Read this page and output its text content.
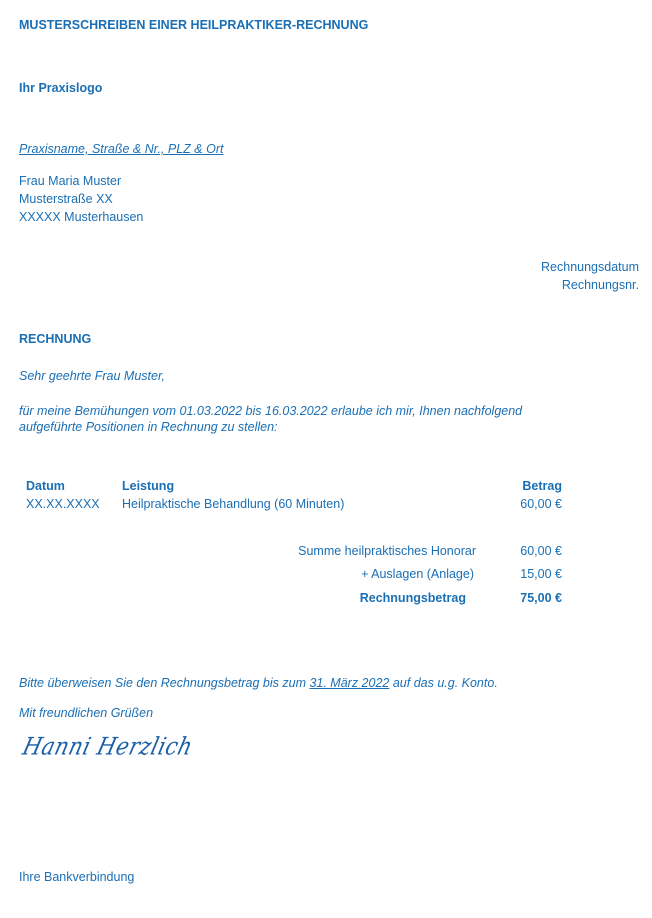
MUSTERSCHREIBEN EINER HEILPRAKTIKER-RECHNUNG
Ihr Praxislogo
Praxisname, Straße & Nr., PLZ & Ort
Frau Maria Muster
Musterstraße XX
XXXXX Musterhausen
Rechnungsdatum
Rechnungsnr.
RECHNUNG
Sehr geehrte Frau Muster,
für meine Bemühungen vom 01.03.2022 bis 16.03.2022 erlaube ich mir, Ihnen nachfolgend
aufgeführte Positionen in Rechnung zu stellen:
Datum	Leistung	Betrag
XX.XX.XXXX Heilpraktische Behandlung (60 Minuten)	60,00 €
Summe heilpraktisches Honorar	60,00 €
+ Auslagen (Anlage)	15,00 €
Rechnungsbetrag	75,00 €
Bitte überweisen Sie den Rechnungsbetrag bis zum 31. März 2022 auf das u.g. Konto.
Mit freundlichen Grüßen
Hanni Herzlich
Ihre Bankverbindung
